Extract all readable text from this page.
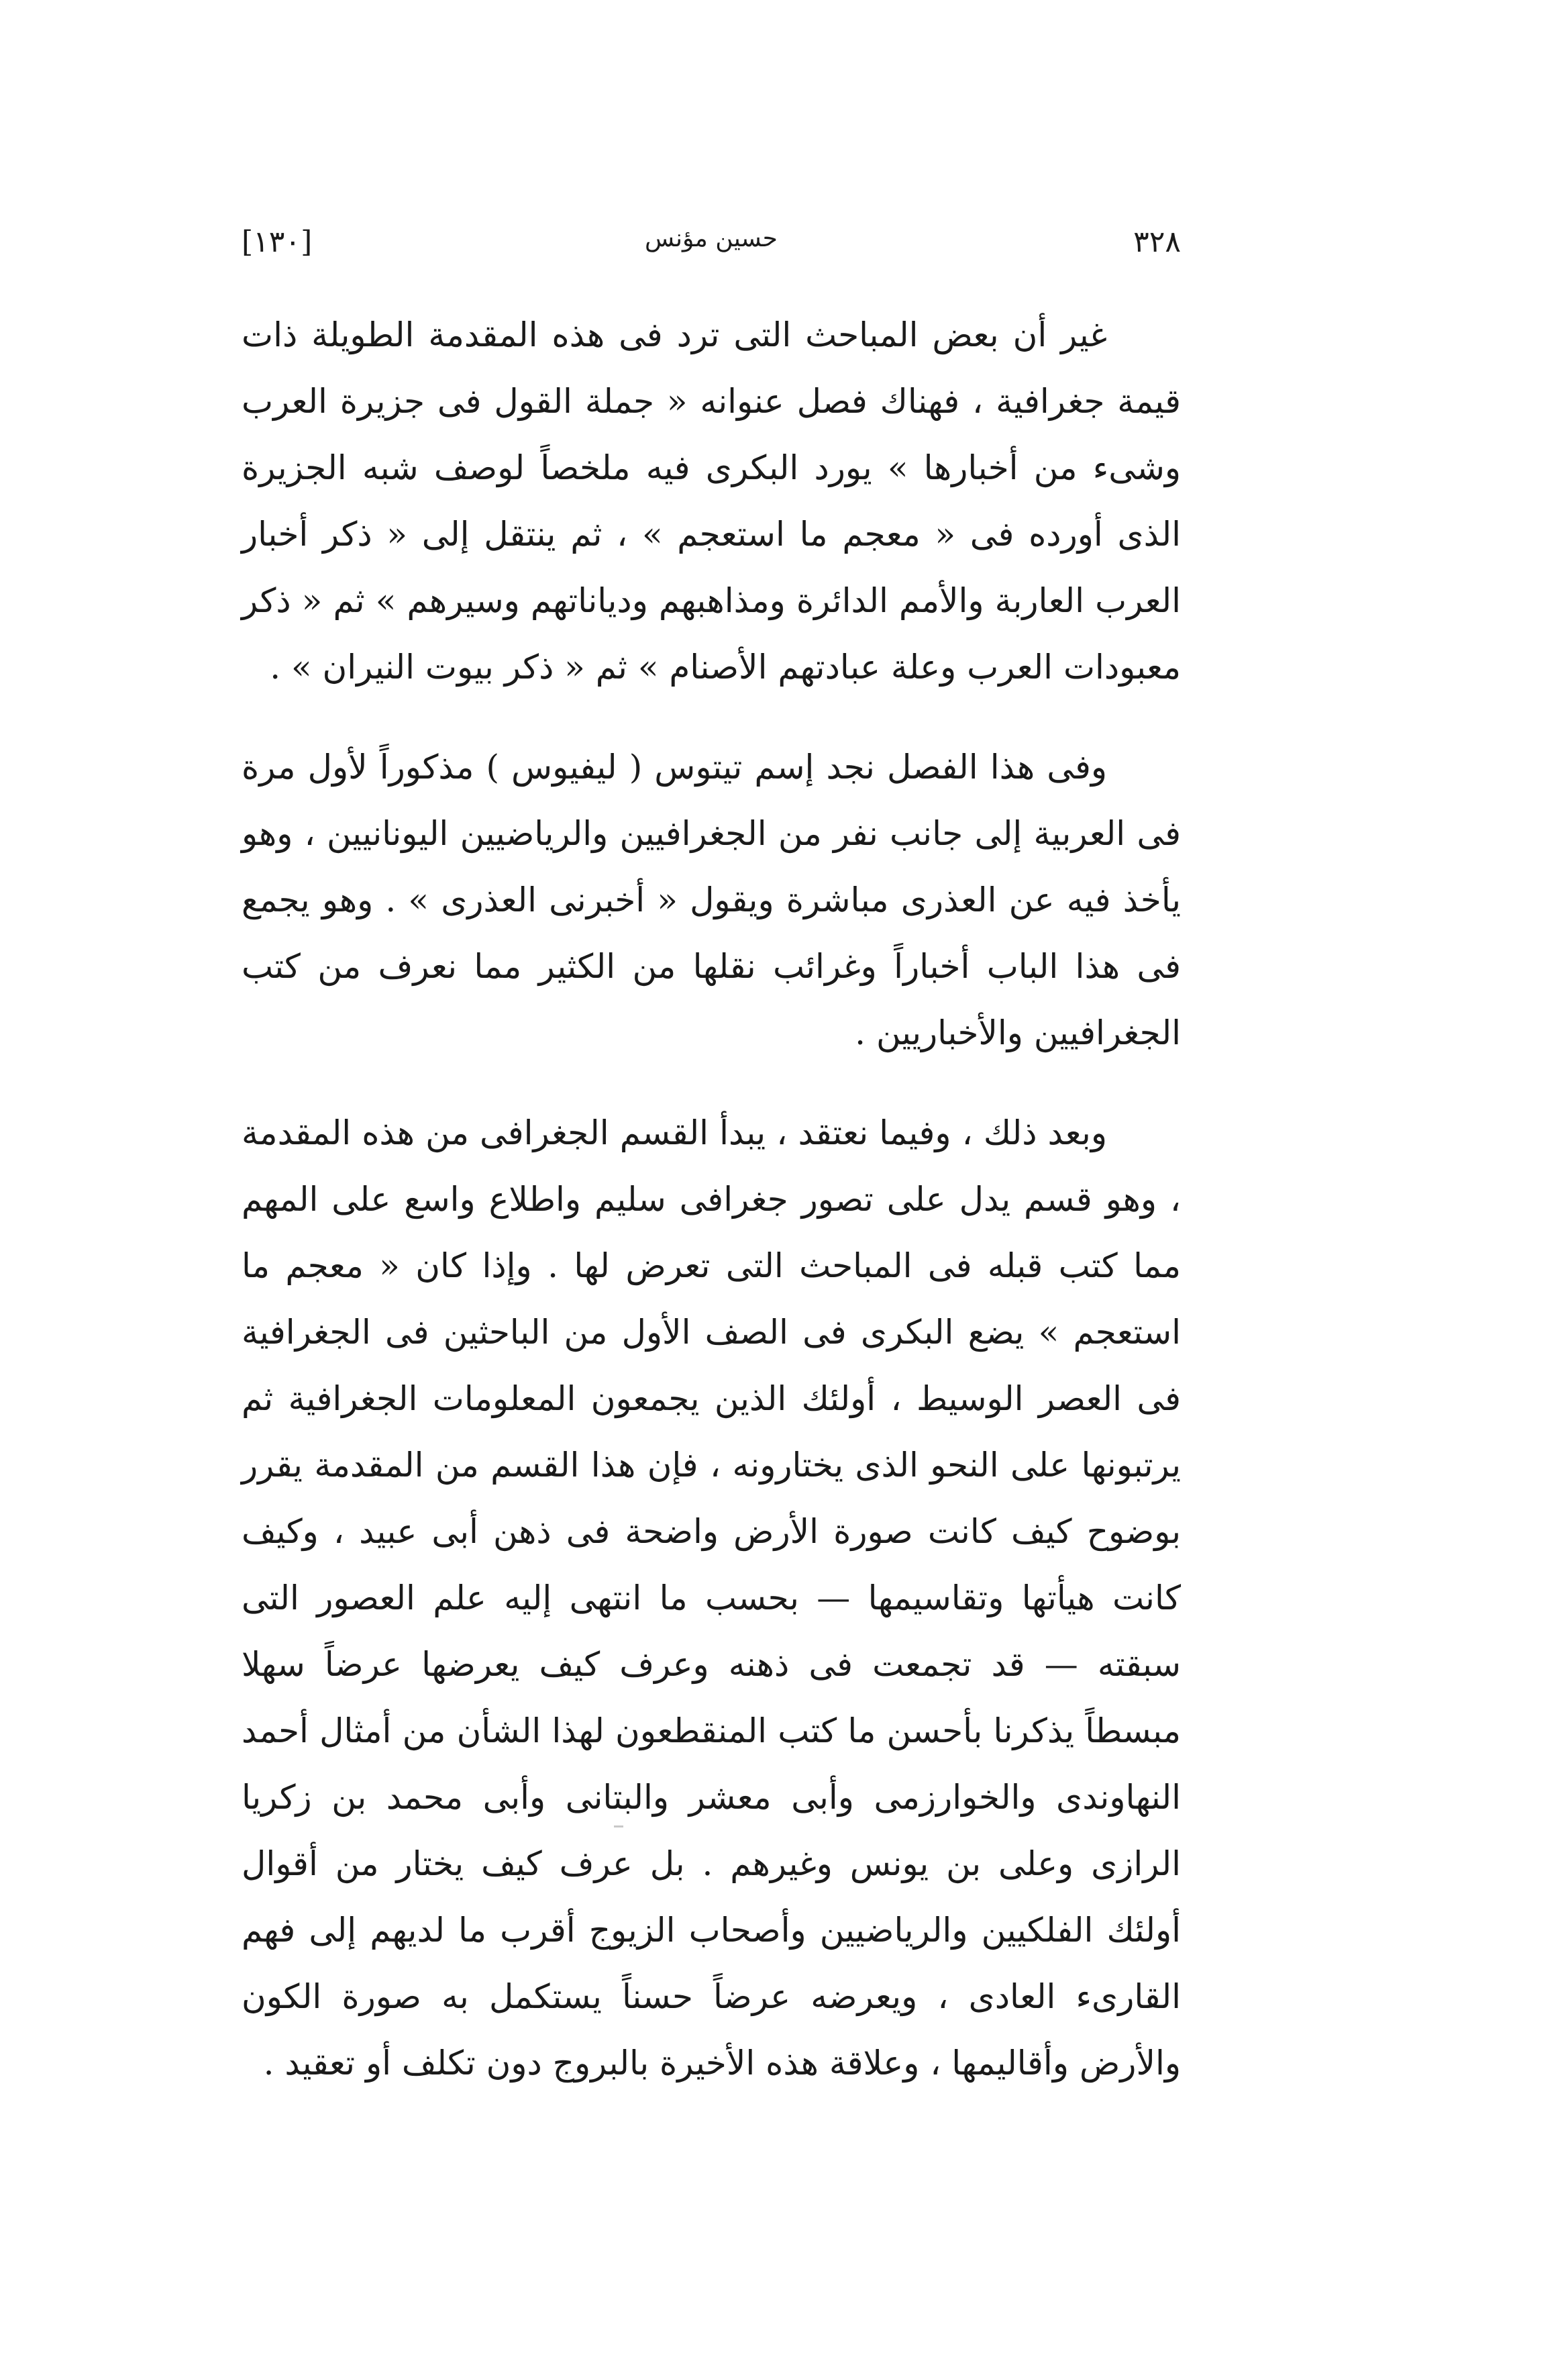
٣٢٨
حسين مؤنس
[١٣٠]

غير أن بعض المباحث التى ترد فى هذه المقدمة الطويلة ذات قيمة جغرافية ، فهناك فصل عنوانه « جملة القول فى جزيرة العرب وشىء من أخبارها » يورد البكرى فيه ملخصاً لوصف شبه الجزيرة الذى أورده فى « معجم ما استعجم » ، ثم ينتقل إلى « ذكر أخبار العرب العاربة والأمم الدائرة ومذاهبهم ودياناتهم وسيرهم » ثم « ذكر معبودات العرب وعلة عبادتهم الأصنام » ثم « ذكر بيوت النيران » .

وفى هذا الفصل نجد إسم تيتوس ( ليفيوس ) مذكوراً لأول مرة فى العربية إلى جانب نفر من الجغرافيين والرياضيين اليونانيين ، وهو يأخذ فيه عن العذرى مباشرة ويقول « أخبرنى العذرى » . وهو يجمع فى هذا الباب أخباراً وغرائب نقلها من الكثير مما نعرف من كتب الجغرافيين والأخباريين .

وبعد ذلك ، وفيما نعتقد ، يبدأ القسم الجغرافى من هذه المقدمة ، وهو قسم يدل على تصور جغرافى سليم واطلاع واسع على المهم مما كتب قبله فى المباحث التى تعرض لها . وإذا كان « معجم ما استعجم » يضع البكرى فى الصف الأول من الباحثين فى الجغرافية فى العصر الوسيط ، أولئك الذين يجمعون المعلومات الجغرافية ثم يرتبونها على النحو الذى يختارونه ، فإن هذا القسم من المقدمة يقرر بوضوح كيف كانت صورة الأرض واضحة فى ذهن أبى عبيد ، وكيف كانت هيأتها وتقاسيمها — بحسب ما انتهى إليه علم العصور التى سبقته — قد تجمعت فى ذهنه وعرف كيف يعرضها عرضاً سهلا مبسطاً يذكرنا بأحسن ما كتب المنقطعون لهذا الشأن من أمثال أحمد النهاوندى والخوارزمى وأبى معشر والبتانى وأبى محمد بن زكريا الرازى وعلى بن يونس وغيرهم . بل عرف كيف يختار من أقوال أولئك الفلكيين والرياضيين وأصحاب الزيوج أقرب ما لديهم إلى فهم القارىء العادى ، ويعرضه عرضاً حسناً يستكمل به صورة الكون والأرض وأقاليمها ، وعلاقة هذه الأخيرة بالبروج دون تكلف أو تعقيد .
